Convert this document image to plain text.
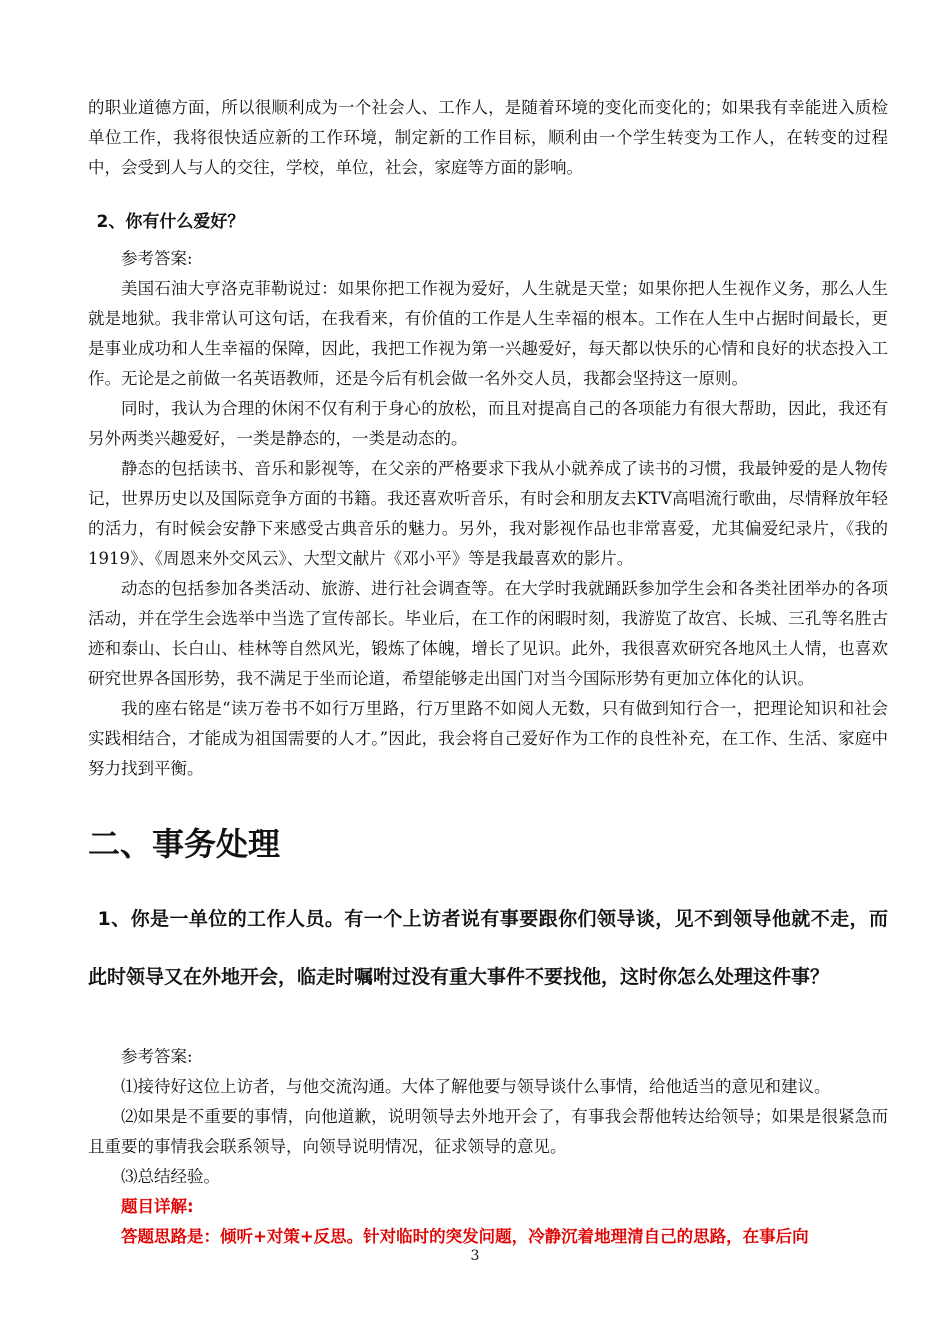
的职业道德方面，所以很顺利成为一个社会人、工作人，是随着环境的变化而变化的；如果我有幸能进入质检单位工作，我将很快适应新的工作环境，制定新的工作目标，顺利由一个学生转变为工作人，在转变的过程中，会受到人与人的交往，学校，单位，社会，家庭等方面的影响。

2、你有什么爱好？

参考答案:

美国石油大亨洛克菲勒说过：如果你把工作视为爱好，人生就是天堂；如果你把人生视作义务，那么人生就是地狱。我非常认可这句话，在我看来，有价值的工作是人生幸福的根本。工作在人生中占据时间最长，更是事业成功和人生幸福的保障，因此，我把工作视为第一兴趣爱好，每天都以快乐的心情和良好的状态投入工作。无论是之前做一名英语教师，还是今后有机会做一名外交人员，我都会坚持这一原则。

同时，我认为合理的休闲不仅有利于身心的放松，而且对提高自己的各项能力有很大帮助，因此，我还有另外两类兴趣爱好，一类是静态的，一类是动态的。

静态的包括读书、音乐和影视等，在父亲的严格要求下我从小就养成了读书的习惯，我最钟爱的是人物传记，世界历史以及国际竞争方面的书籍。我还喜欢听音乐，有时会和朋友去KTV高唱流行歌曲，尽情释放年轻的活力，有时候会安静下来感受古典音乐的魅力。另外，我对影视作品也非常喜爱，尤其偏爱纪录片，《我的1919》、《周恩来外交风云》、大型文献片《邓小平》等是我最喜欢的影片。

动态的包括参加各类活动、旅游、进行社会调查等。在大学时我就踊跃参加学生会和各类社团举办的各项活动，并在学生会选举中当选了宣传部长。毕业后，在工作的闲暇时刻，我游览了故宫、长城、三孔等名胜古迹和泰山、长白山、桂林等自然风光，锻炼了体魄，增长了见识。此外，我很喜欢研究各地风土人情，也喜欢研究世界各国形势，我不满足于坐而论道，希望能够走出国门对当今国际形势有更加立体化的认识。

我的座右铭是“读万卷书不如行万里路，行万里路不如阅人无数，只有做到知行合一，把理论知识和社会实践相结合，才能成为祖国需要的人才。”因此，我会将自己爱好作为工作的良性补充，在工作、生活、家庭中努力找到平衡。

二、事务处理

1、你是一单位的工作人员。有一个上访者说有事要跟你们领导谈，见不到领导他就不走，而此时领导又在外地开会，临走时嘱咐过没有重大事件不要找他，这时你怎么处理这件事？

参考答案:

⑴接待好这位上访者，与他交流沟通。大体了解他要与领导谈什么事情，给他适当的意见和建议。

⑵如果是不重要的事情，向他道歉，说明领导去外地开会了，有事我会帮他转达给领导；如果是很紧急而且重要的事情我会联系领导，向领导说明情况，征求领导的意见。

⑶总结经验。

题目详解:

答题思路是：倾听+对策+反思。针对临时的突发问题，冷静沉着地理清自己的思路，在事后向

3
